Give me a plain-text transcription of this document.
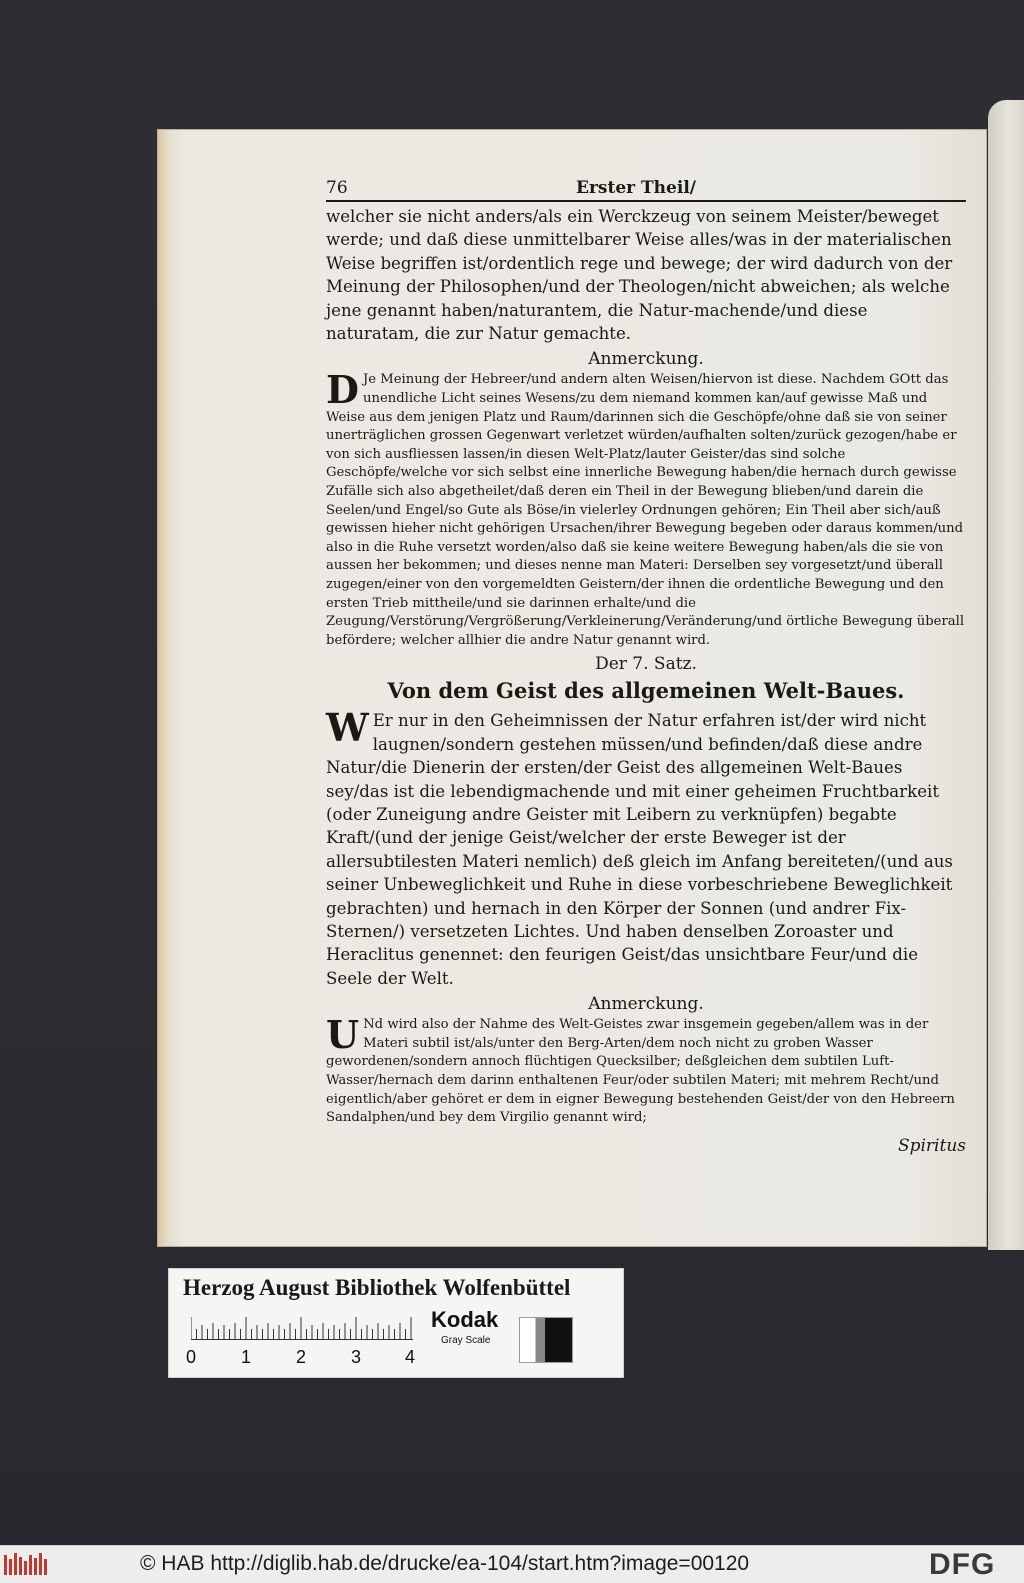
76	Erster Theil/
welcher sie nicht anders/als ein Werckzeug von seinem Meister/beweget werde; und daß diese unmittelbarer Weise alles/was in der materialischen Weise begriffen ist/ordentlich rege und bewege; der wird dadurch von der Meinung der Philosophen/und der Theologen/nicht abweichen; als welche jene genannt haben/naturantem, die Natur-machende/und diese naturatam, die zur Natur gemachte.
Anmerckung.
D Je Meinung der Hebreer/und andern alten Weisen/hiervon ist diese. Nachdem GOtt das unendliche Licht seines Wesens/zu dem niemand kommen kan/auf gewisse Maß und Weise aus dem jenigen Platz und Raum/darinnen sich die Geschöpfe/ohne daß sie von seiner unerträglichen grossen Gegenwart verletzet würden/aufhalten solten/zurück gezogen/habe er von sich ausfliessen lassen/in diesen Welt-Platz/lauter Geister/das sind solche Geschöpfe/welche vor sich selbst eine innerliche Bewegung haben/die hernach durch gewisse Zufälle sich also abgetheilet/daß deren ein Theil in der Bewegung blieben/und darein die Seelen/und Engel/so Gute als Böse/in vielerley Ordnungen gehören; Ein Theil aber sich/auß gewissen hieher nicht gehörigen Ursachen/ihrer Bewegung begeben oder daraus kommen/und also in die Ruhe versetzt worden/also daß sie keine weitere Bewegung haben/als die sie von aussen her bekommen; und dieses nenne man Materi: Derselben sey vorgesetzt/und überall zugegen/einer von den vorgemeldten Geistern/der ihnen die ordentliche Bewegung und den ersten Trieb mittheile/und sie darinnen erhalte/und die Zeugung/Verstörung/Vergrößerung/Verkleinerung/Veränderung/und örtliche Bewegung überall befördere; welcher allhier die andre Natur genannt wird.
Der 7. Satz.
Von dem Geist des allgemeinen Welt-Baues.
W Er nur in den Geheimnissen der Natur erfahren ist/der wird nicht laugnen/sondern gestehen müssen/und befinden/daß diese andre Natur/die Dienerin der ersten/der Geist des allgemeinen Welt-Baues sey/das ist die lebendigmachende und mit einer geheimen Fruchtbarkeit (oder Zuneigung andre Geister mit Leibern zu verknüpfen) begabte Kraft/(und der jenige Geist/welcher der erste Beweger ist der allersubtilesten Materi nemlich) deß gleich im Anfang bereiteten/(und aus seiner Unbeweglichkeit und Ruhe in diese vorbeschriebene Beweglichkeit gebrachten) und hernach in den Körper der Sonnen (und andrer Fix-Sternen/) versetzeten Lichtes. Und haben denselben Zoroaster und Heraclitus genennet: den feurigen Geist/das unsichtbare Feur/und die Seele der Welt.
Anmerckung.
U Nd wird also der Nahme des Welt-Geistes zwar insgemein gegeben/allem was in der Materi subtil ist/als/unter den Berg-Arten/dem noch nicht zu groben Wasser gewordenen/sondern annoch flüchtigen Quecksilber; deßgleichen dem subtilen Luft-Wasser/hernach dem darinn enthaltenen Feur/oder subtilen Materi; mit mehrem Recht/und eigentlich/aber gehöret er dem in eigner Bewegung bestehenden Geist/der von den Hebreern Sandalphen/und bey dem Virgilio genannt wird;
Spiritus
Herzog August Bibliothek Wolfenbüttel
0 1 2 3 4
Kodak
Gray Scale
© HAB http://diglib.hab.de/drucke/ea-104/start.htm?image=00120	DFG
